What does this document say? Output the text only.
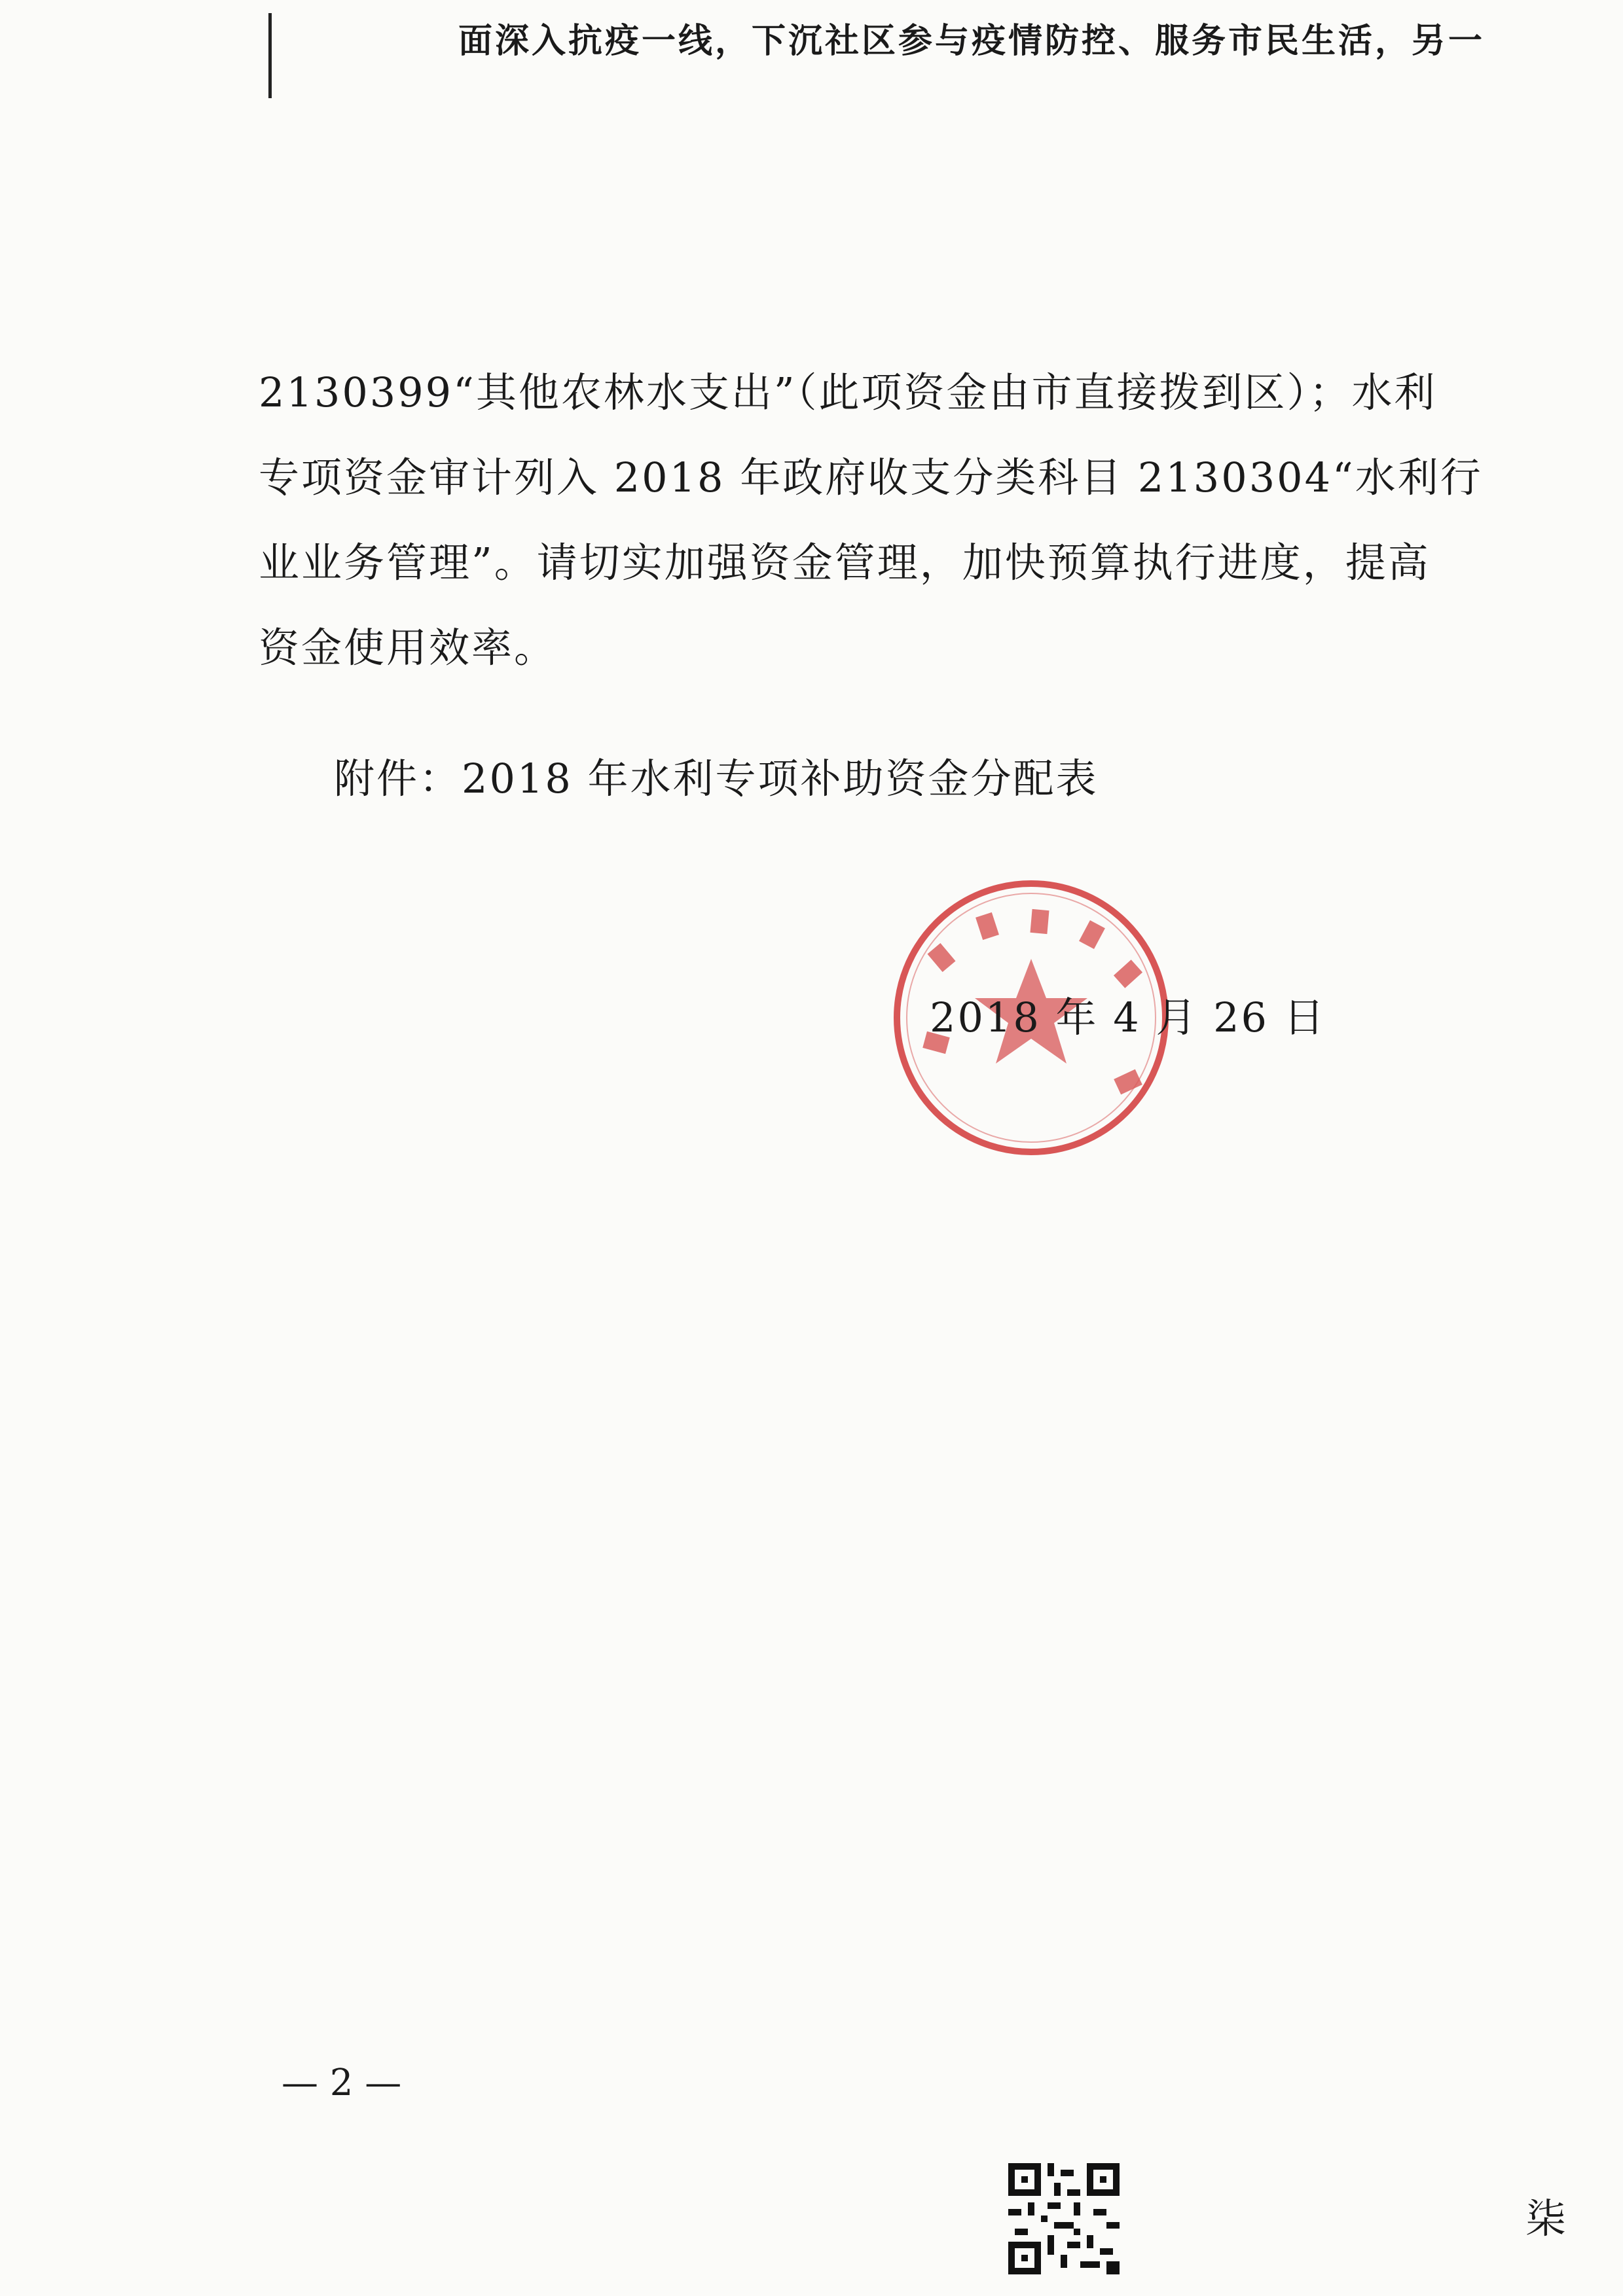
面深入抗疫一线，下沉社区参与疫情防控、服务市民生活，另一

2130399“其他农林水支出”（此项资金由市直接拨到区）；水利

专项资金审计列入 2018 年政府收支分类科目 2130304“水利行

业业务管理”。请切实加强资金管理，加快预算执行进度，提高

资金使用效率。

附件：2018 年水利专项补助资金分配表
2018 年 4 月 26 日
— 2 —
柒
